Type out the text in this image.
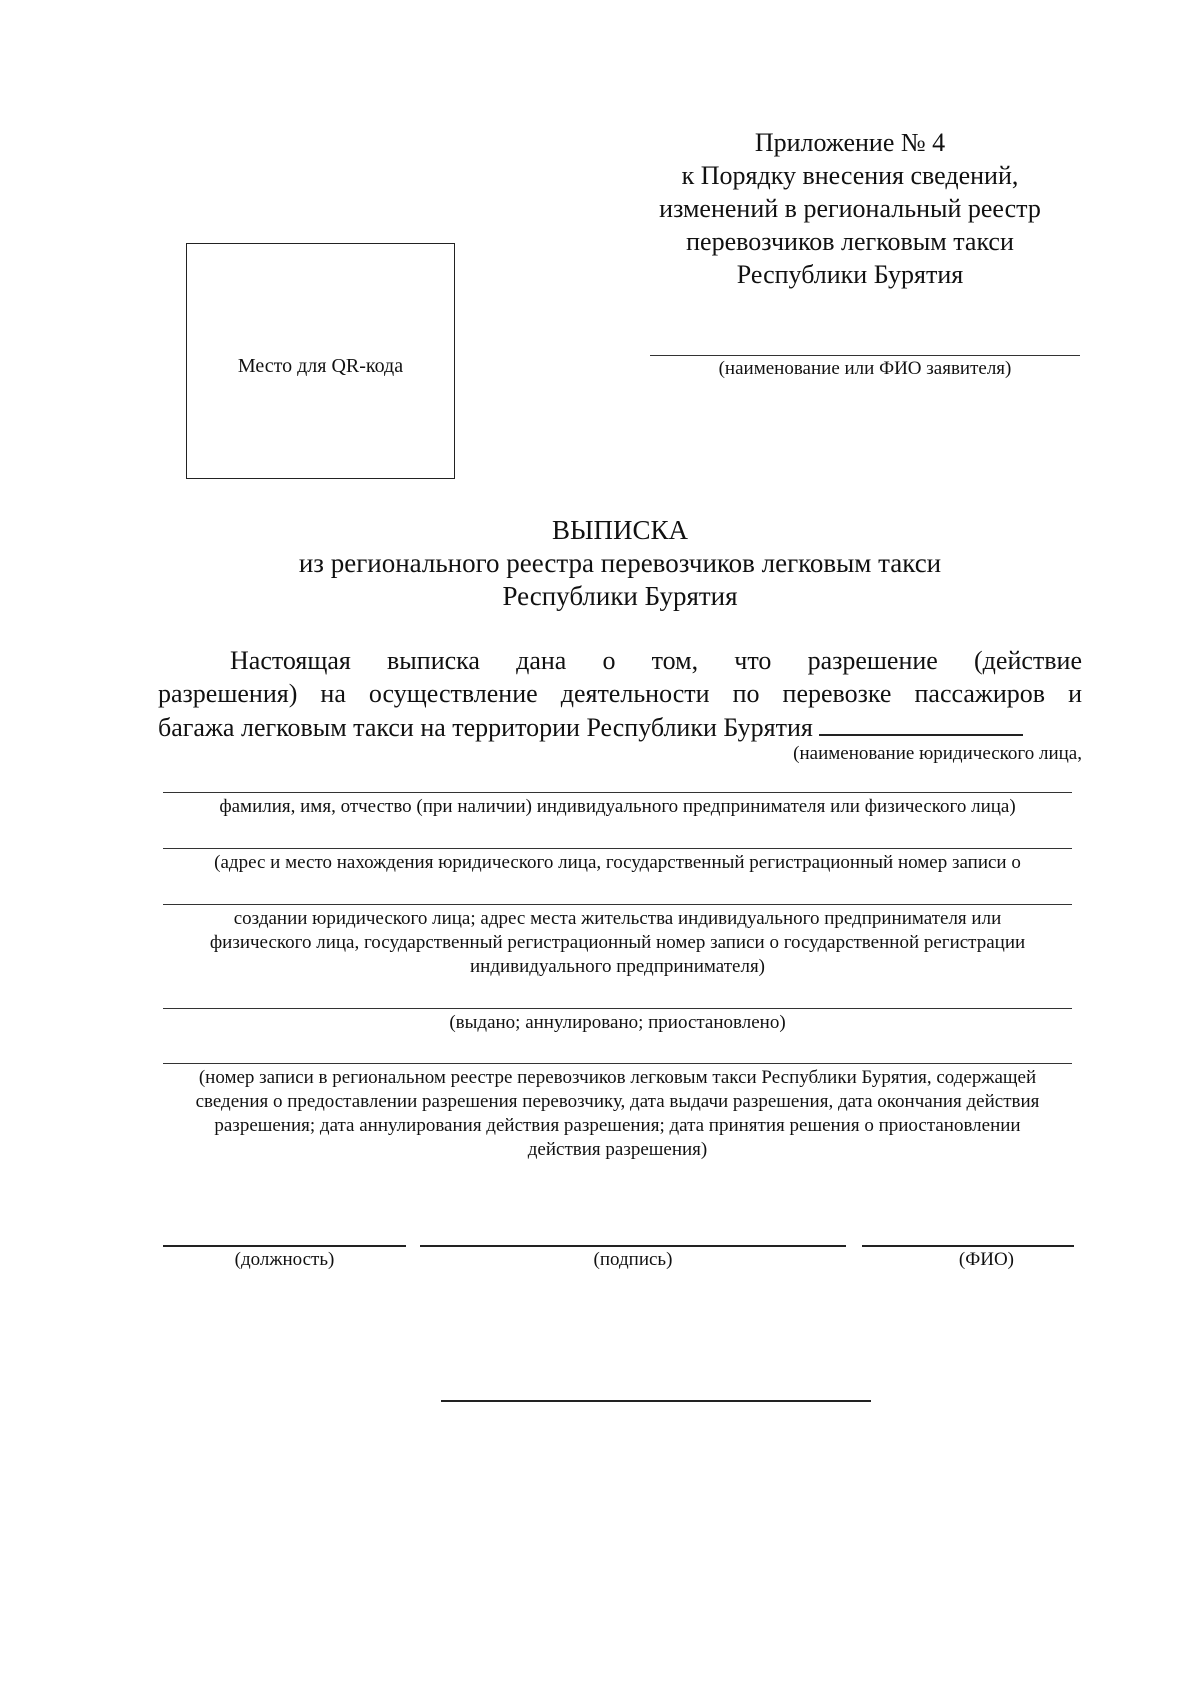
Приложение № 4
к Порядку внесения сведений,
изменений в региональный реестр
перевозчиков легковым такси
Республики Бурятия
Место для QR-кода	(наименование или ФИО заявителя)
ВЫПИСКА
из регионального реестра перевозчиков легковым такси
Республики Бурятия
Настоящая выписка дана о том, что разрешение (действие
разрешения) на осуществление деятельности по перевозке пассажиров и
багажа легковым такси на территории Республики Бурятия
(наименование юридического лица,
фамилия, имя, отчество (при наличии) индивидуального предпринимателя или физического лица)
(адрес и место нахождения юридического лица, государственный регистрационный номер записи о
создании юридического лица; адрес места жительства индивидуального предпринимателя или
физического лица, государственный регистрационный номер записи о государственной регистрации
индивидуального предпринимателя)
(выдано; аннулировано; приостановлено)
(номер записи в региональном реестре перевозчиков легковым такси Республики Бурятия, содержащей
сведения о предоставлении разрешения перевозчику, дата выдачи разрешения, дата окончания действия
разрешения; дата аннулирования действия разрешения; дата принятия решения о приостановлении
действия разрешения)
(должность)	(подпись)	(ФИО)
